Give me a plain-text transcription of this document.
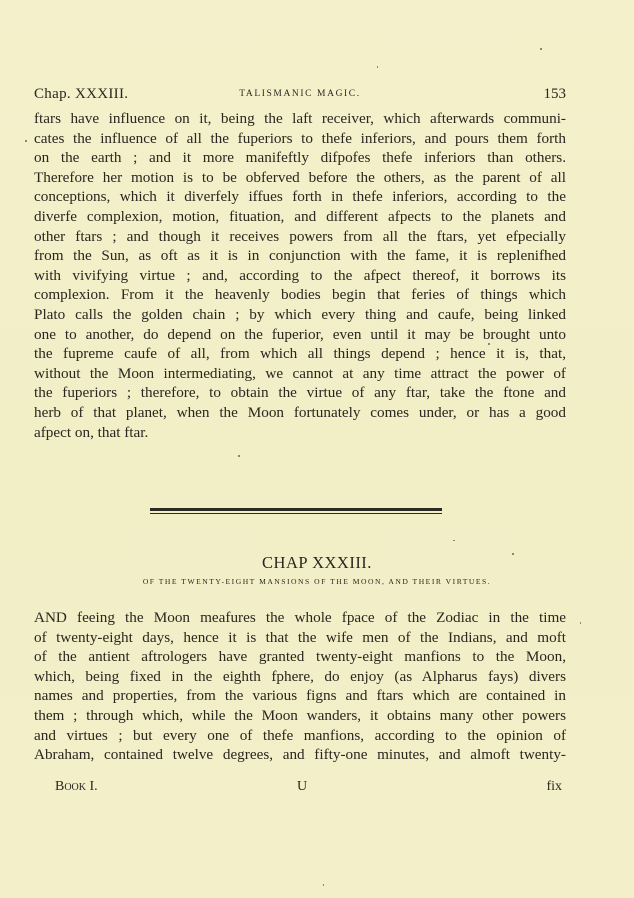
Chap. XXXIII.	TALISMANIC MAGIC.	153
ftars have influence on it, being the laft receiver, which afterwards communi-
cates the influence of all the fuperiors to thefe inferiors, and pours them forth
on the earth ; and it more manifeftly difpofes thefe inferiors than others.
Therefore her motion is to be obferved before the others, as the parent of all
conceptions, which it diverfely iffues forth in thefe inferiors, according to the
diverfe complexion, motion, fituation, and different afpects to the planets and
other ftars ; and though it receives powers from all the ftars, yet efpecially
from the Sun, as oft as it is in conjunction with the fame, it is replenifhed
with vivifying virtue ; and, according to the afpect thereof, it borrows its
complexion. From it the heavenly bodies begin that feries of things which
Plato calls the golden chain ; by which every thing and caufe, being linked
one to another, do depend on the fuperior, even until it may be brought unto
the fupreme caufe of all, from which all things depend ; hence it is, that,
without the Moon intermediating, we cannot at any time attract the power of
the fuperiors ; therefore, to obtain the virtue of any ftar, take the ftone and
herb of that planet, when the Moon fortunately comes under, or has a good
afpect on, that ftar.
CHAP XXXIII.
OF THE TWENTY-EIGHT MANSIONS OF THE MOON, AND THEIR VIRTUES.
AND feeing the Moon meafures the whole fpace of the Zodiac in the time
of twenty-eight days, hence it is that the wife men of the Indians, and moft
of the antient aftrologers have granted twenty-eight manfions to the Moon,
which, being fixed in the eighth fphere, do enjoy (as Alpharus fays) divers
names and properties, from the various figns and ftars which are contained in
them ; through which, while the Moon wanders, it obtains many other powers
and virtues ; but every one of thefe manfions, according to the opinion of
Abraham, contained twelve degrees, and fifty-one minutes, and almoft twenty-
Book I.	U	fix
